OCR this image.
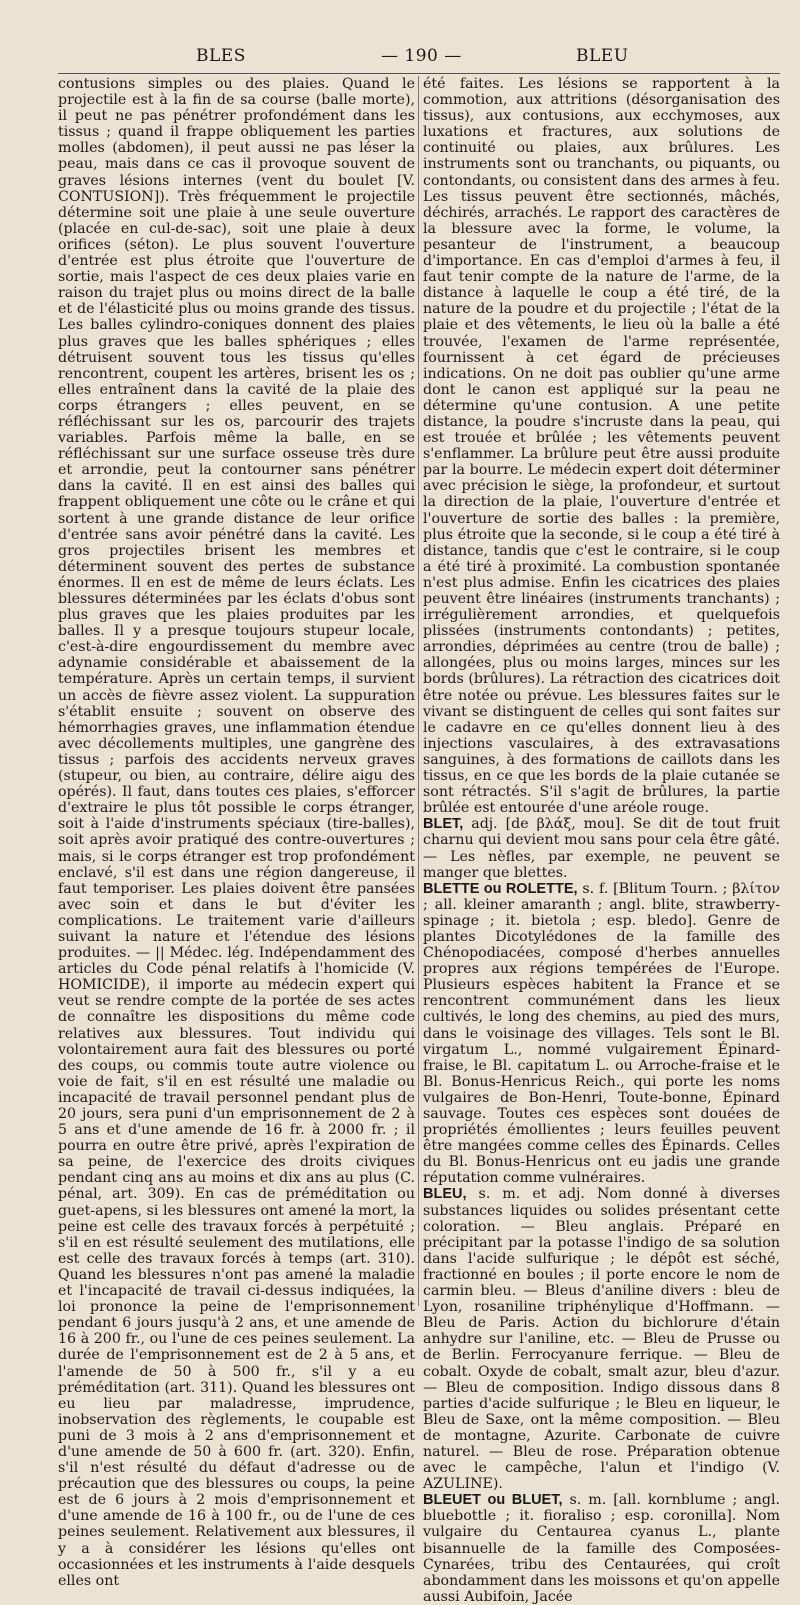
BLES	— 190 —	BLEU

contusions simples ou des plaies. Quand le projectile est à la fin de sa course (balle morte), il peut ne pas pénétrer profondément dans les tissus ; quand il frappe obliquement les parties molles (abdomen), il peut aussi ne pas léser la peau, mais dans ce cas il provoque souvent de graves lésions internes (vent du boulet [V. CONTUSION]). Très fréquemment le projectile détermine soit une plaie à une seule ouverture (placée en cul-de-sac), soit une plaie à deux orifices (séton). Le plus souvent l'ouverture d'entrée est plus étroite que l'ouverture de sortie, mais l'aspect de ces deux plaies varie en raison du trajet plus ou moins direct de la balle et de l'élasticité plus ou moins grande des tissus. Les balles cylindro-coniques donnent des plaies plus graves que les balles sphériques ; elles détruisent souvent tous les tissus qu'elles rencontrent, coupent les artères, brisent les os ; elles entraînent dans la cavité de la plaie des corps étrangers ; elles peuvent, en se réfléchissant sur les os, parcourir des trajets variables. Parfois même la balle, en se réfléchissant sur une surface osseuse très dure et arrondie, peut la contourner sans pénétrer dans la cavité. Il en est ainsi des balles qui frappent obliquement une côte ou le crâne et qui sortent à une grande distance de leur orifice d'entrée sans avoir pénétré dans la cavité. Les gros projectiles brisent les membres et déterminent souvent des pertes de substance énormes. Il en est de même de leurs éclats. Les blessures déterminées par les éclats d'obus sont plus graves que les plaies produites par les balles. Il y a presque toujours stupeur locale, c'est-à-dire engourdissement du membre avec adynamie considérable et abaissement de la température. Après un certain temps, il survient un accès de fièvre assez violent. La suppuration s'établit ensuite ; souvent on observe des hémorrhagies graves, une inflammation étendue avec décollements multiples, une gangrène des tissus ; parfois des accidents nerveux graves (stupeur, ou bien, au contraire, délire aigu des opérés). Il faut, dans toutes ces plaies, s'efforcer d'extraire le plus tôt possible le corps étranger, soit à l'aide d'instruments spéciaux (tire-balles), soit après avoir pratiqué des contre-ouvertures ; mais, si le corps étranger est trop profondément enclavé, s'il est dans une région dangereuse, il faut temporiser. Les plaies doivent être pansées avec soin et dans le but d'éviter les complications. Le traitement varie d'ailleurs suivant la nature et l'étendue des lésions produites. — || Médec. lég. Indépendamment des articles du Code pénal relatifs à l'homicide (V. HOMICIDE), il importe au médecin expert qui veut se rendre compte de la portée de ses actes de connaître les dispositions du même code relatives aux blessures. Tout individu qui volontairement aura fait des blessures ou porté des coups, ou commis toute autre violence ou voie de fait, s'il en est résulté une maladie ou incapacité de travail personnel pendant plus de 20 jours, sera puni d'un emprisonnement de 2 à 5 ans et d'une amende de 16 fr. à 2000 fr. ; il pourra en outre être privé, après l'expiration de sa peine, de l'exercice des droits civiques pendant cinq ans au moins et dix ans au plus (C. pénal, art. 309). En cas de préméditation ou guet-apens, si les blessures ont amené la mort, la peine est celle des travaux forcés à perpétuité ; s'il en est résulté seulement des mutilations, elle est celle des travaux forcés à temps (art. 310). Quand les blessures n'ont pas amené la maladie et l'incapacité de travail ci-dessus indiquées, la loi prononce la peine de l'emprisonnement pendant 6 jours jusqu'à 2 ans, et une amende de 16 à 200 fr., ou l'une de ces peines seulement. La durée de l'emprisonnement est de 2 à 5 ans, et l'amende de 50 à 500 fr., s'il y a eu préméditation (art. 311). Quand les blessures ont eu lieu par maladresse, imprudence, inobservation des règlements, le coupable est puni de 3 mois à 2 ans d'emprisonnement et d'une amende de 50 à 600 fr. (art. 320). Enfin, s'il n'est résulté du défaut d'adresse ou de précaution que des blessures ou coups, la peine est de 6 jours à 2 mois d'emprisonnement et d'une amende de 16 à 100 fr., ou de l'une de ces peines seulement. Relativement aux blessures, il y a à considérer les lésions qu'elles ont occasionnées et les instruments à l'aide desquels elles ont

été faites. Les lésions se rapportent à la commotion, aux attritions (désorganisation des tissus), aux contusions, aux ecchymoses, aux luxations et fractures, aux solutions de continuité ou plaies, aux brûlures. Les instruments sont ou tranchants, ou piquants, ou contondants, ou consistent dans des armes à feu. Les tissus peuvent être sectionnés, mâchés, déchirés, arrachés. Le rapport des caractères de la blessure avec la forme, le volume, la pesanteur de l'instrument, a beaucoup d'importance. En cas d'emploi d'armes à feu, il faut tenir compte de la nature de l'arme, de la distance à laquelle le coup a été tiré, de la nature de la poudre et du projectile ; l'état de la plaie et des vêtements, le lieu où la balle a été trouvée, l'examen de l'arme représentée, fournissent à cet égard de précieuses indications. On ne doit pas oublier qu'une arme dont le canon est appliqué sur la peau ne détermine qu'une contusion. A une petite distance, la poudre s'incruste dans la peau, qui est trouée et brûlée ; les vêtements peuvent s'enflammer. La brûlure peut être aussi produite par la bourre. Le médecin expert doit déterminer avec précision le siège, la profondeur, et surtout la direction de la plaie, l'ouverture d'entrée et l'ouverture de sortie des balles : la première, plus étroite que la seconde, si le coup a été tiré à distance, tandis que c'est le contraire, si le coup a été tiré à proximité. La combustion spontanée n'est plus admise. Enfin les cicatrices des plaies peuvent être linéaires (instruments tranchants) ; irrégulièrement arrondies, et quelquefois plissées (instruments contondants) ; petites, arrondies, déprimées au centre (trou de balle) ; allongées, plus ou moins larges, minces sur les bords (brûlures). La rétraction des cicatrices doit être notée ou prévue. Les blessures faites sur le vivant se distinguent de celles qui sont faites sur le cadavre en ce qu'elles donnent lieu à des injections vasculaires, à des extravasations sanguines, à des formations de caillots dans les tissus, en ce que les bords de la plaie cutanée se sont rétractés. S'il s'agit de brûlures, la partie brûlée est entourée d'une aréole rouge.

BLET, adj. [de βλάξ, mou]. Se dit de tout fruit charnu qui devient mou sans pour cela être gâté. — Les nèfles, par exemple, ne peuvent se manger que blettes.

BLETTE ou ROLETTE, s. f. [Blitum Tourn. ; βλίτον ; all. kleiner amaranth ; angl. blite, strawberry-spinage ; it. bietola ; esp. bledo]. Genre de plantes Dicotylédones de la famille des Chénopodiacées, composé d'herbes annuelles propres aux régions tempérées de l'Europe. Plusieurs espèces habitent la France et se rencontrent communément dans les lieux cultivés, le long des chemins, au pied des murs, dans le voisinage des villages. Tels sont le Bl. virgatum L., nommé vulgairement Épinard-fraise, le Bl. capitatum L. ou Arroche-fraise et le Bl. Bonus-Henricus Reich., qui porte les noms vulgaires de Bon-Henri, Toute-bonne, Épinard sauvage. Toutes ces espèces sont douées de propriétés émollientes ; leurs feuilles peuvent être mangées comme celles des Épinards. Celles du Bl. Bonus-Henricus ont eu jadis une grande réputation comme vulnéraires.

BLEU, s. m. et adj. Nom donné à diverses substances liquides ou solides présentant cette coloration. — Bleu anglais. Préparé en précipitant par la potasse l'indigo de sa solution dans l'acide sulfurique ; le dépôt est séché, fractionné en boules ; il porte encore le nom de carmin bleu. — Bleus d'aniline divers : bleu de Lyon, rosaniline triphénylique d'Hoffmann. — Bleu de Paris. Action du bichlorure d'étain anhydre sur l'aniline, etc. — Bleu de Prusse ou de Berlin. Ferrocyanure ferrique. — Bleu de cobalt. Oxyde de cobalt, smalt azur, bleu d'azur. — Bleu de composition. Indigo dissous dans 8 parties d'acide sulfurique ; le Bleu en liqueur, le Bleu de Saxe, ont la même composition. — Bleu de montagne, Azurite. Carbonate de cuivre naturel. — Bleu de rose. Préparation obtenue avec le campêche, l'alun et l'indigo (V. AZULINE).

BLEUET ou BLUET, s. m. [all. kornblume ; angl. bluebottle ; it. fioraliso ; esp. coronilla]. Nom vulgaire du Centaurea cyanus L., plante bisannuelle de la famille des Composées-Cynarées, tribu des Centaurées, qui croît abondamment dans les moissons et qu'on appelle aussi Aubifoin, Jacée
